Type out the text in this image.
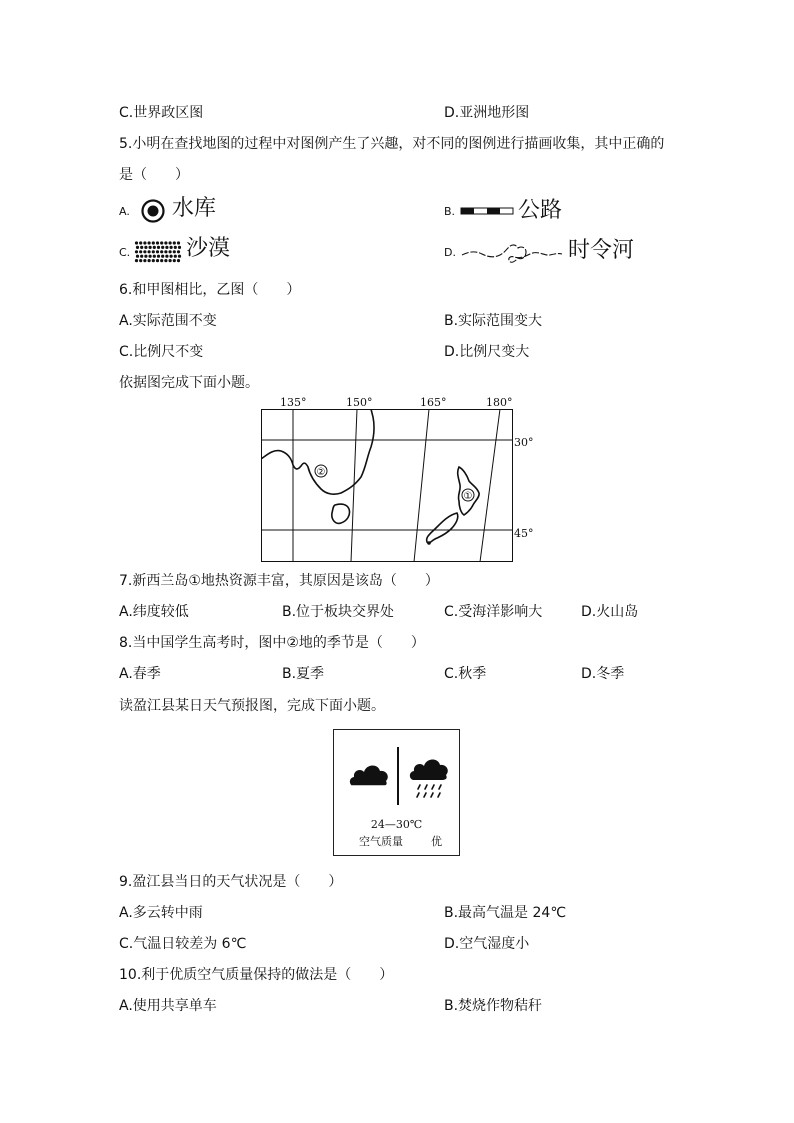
C.世界政区图	D.亚洲地形图
5.小明在查找地图的过程中对图例产生了兴趣，对不同的图例进行描画收集，其中正确的
是（　　）
A. 水库	B.	公路
C.	沙漠	D.	时令河
6.和甲图相比，乙图（　　）
A.实际范围不变	B.实际范围变大
C.比例尺不变	D.比例尺变大
依据图完成下面小题。
135°	150°	165°	180°
30°
45°
②
①
7.新西兰岛①地热资源丰富，其原因是该岛（　　）
A.纬度较低	B.位于板块交界处	C.受海洋影响大	D.火山岛
8.当中国学生高考时，图中②地的季节是（　　）
A.春季	B.夏季	C.秋季	D.冬季
读盈江县某日天气预报图，完成下面小题。
24—30℃
空气质量	优
9.盈江县当日的天气状况是（　　）
A.多云转中雨	B.最高气温是 24℃
C.气温日较差为 6℃	D.空气湿度小
10.利于优质空气质量保持的做法是（　　）
A.使用共享单车	B.焚烧作物秸秆
